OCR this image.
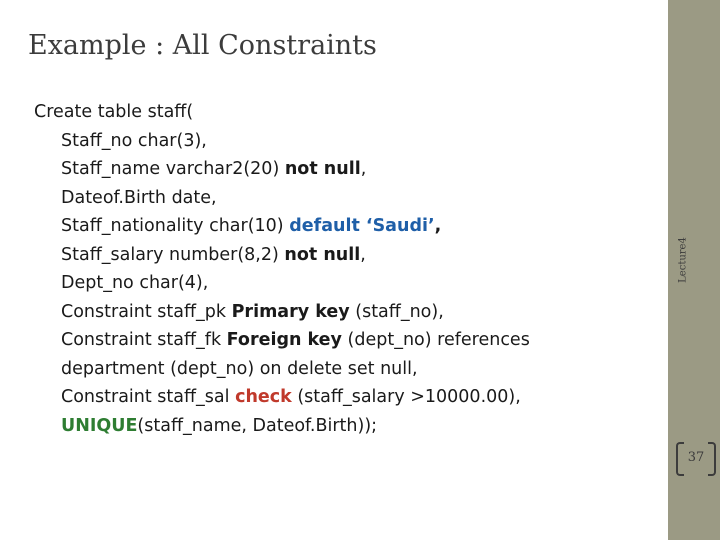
Example : All Constraints
Lecture4
37
Create table staff(
Staff_no char(3),
Staff_name varchar2(20) not null,
Dateof.Birth date,
Staff_nationality char(10) default ‘Saudi’,
Staff_salary number(8,2) not null,
Dept_no char(4),
Constraint staff_pk Primary key (staff_no),
Constraint staff_fk Foreign key (dept_no) references
department (dept_no) on delete set null,
Constraint staff_sal check (staff_salary >10000.00),
UNIQUE(staff_name, Dateof.Birth));
